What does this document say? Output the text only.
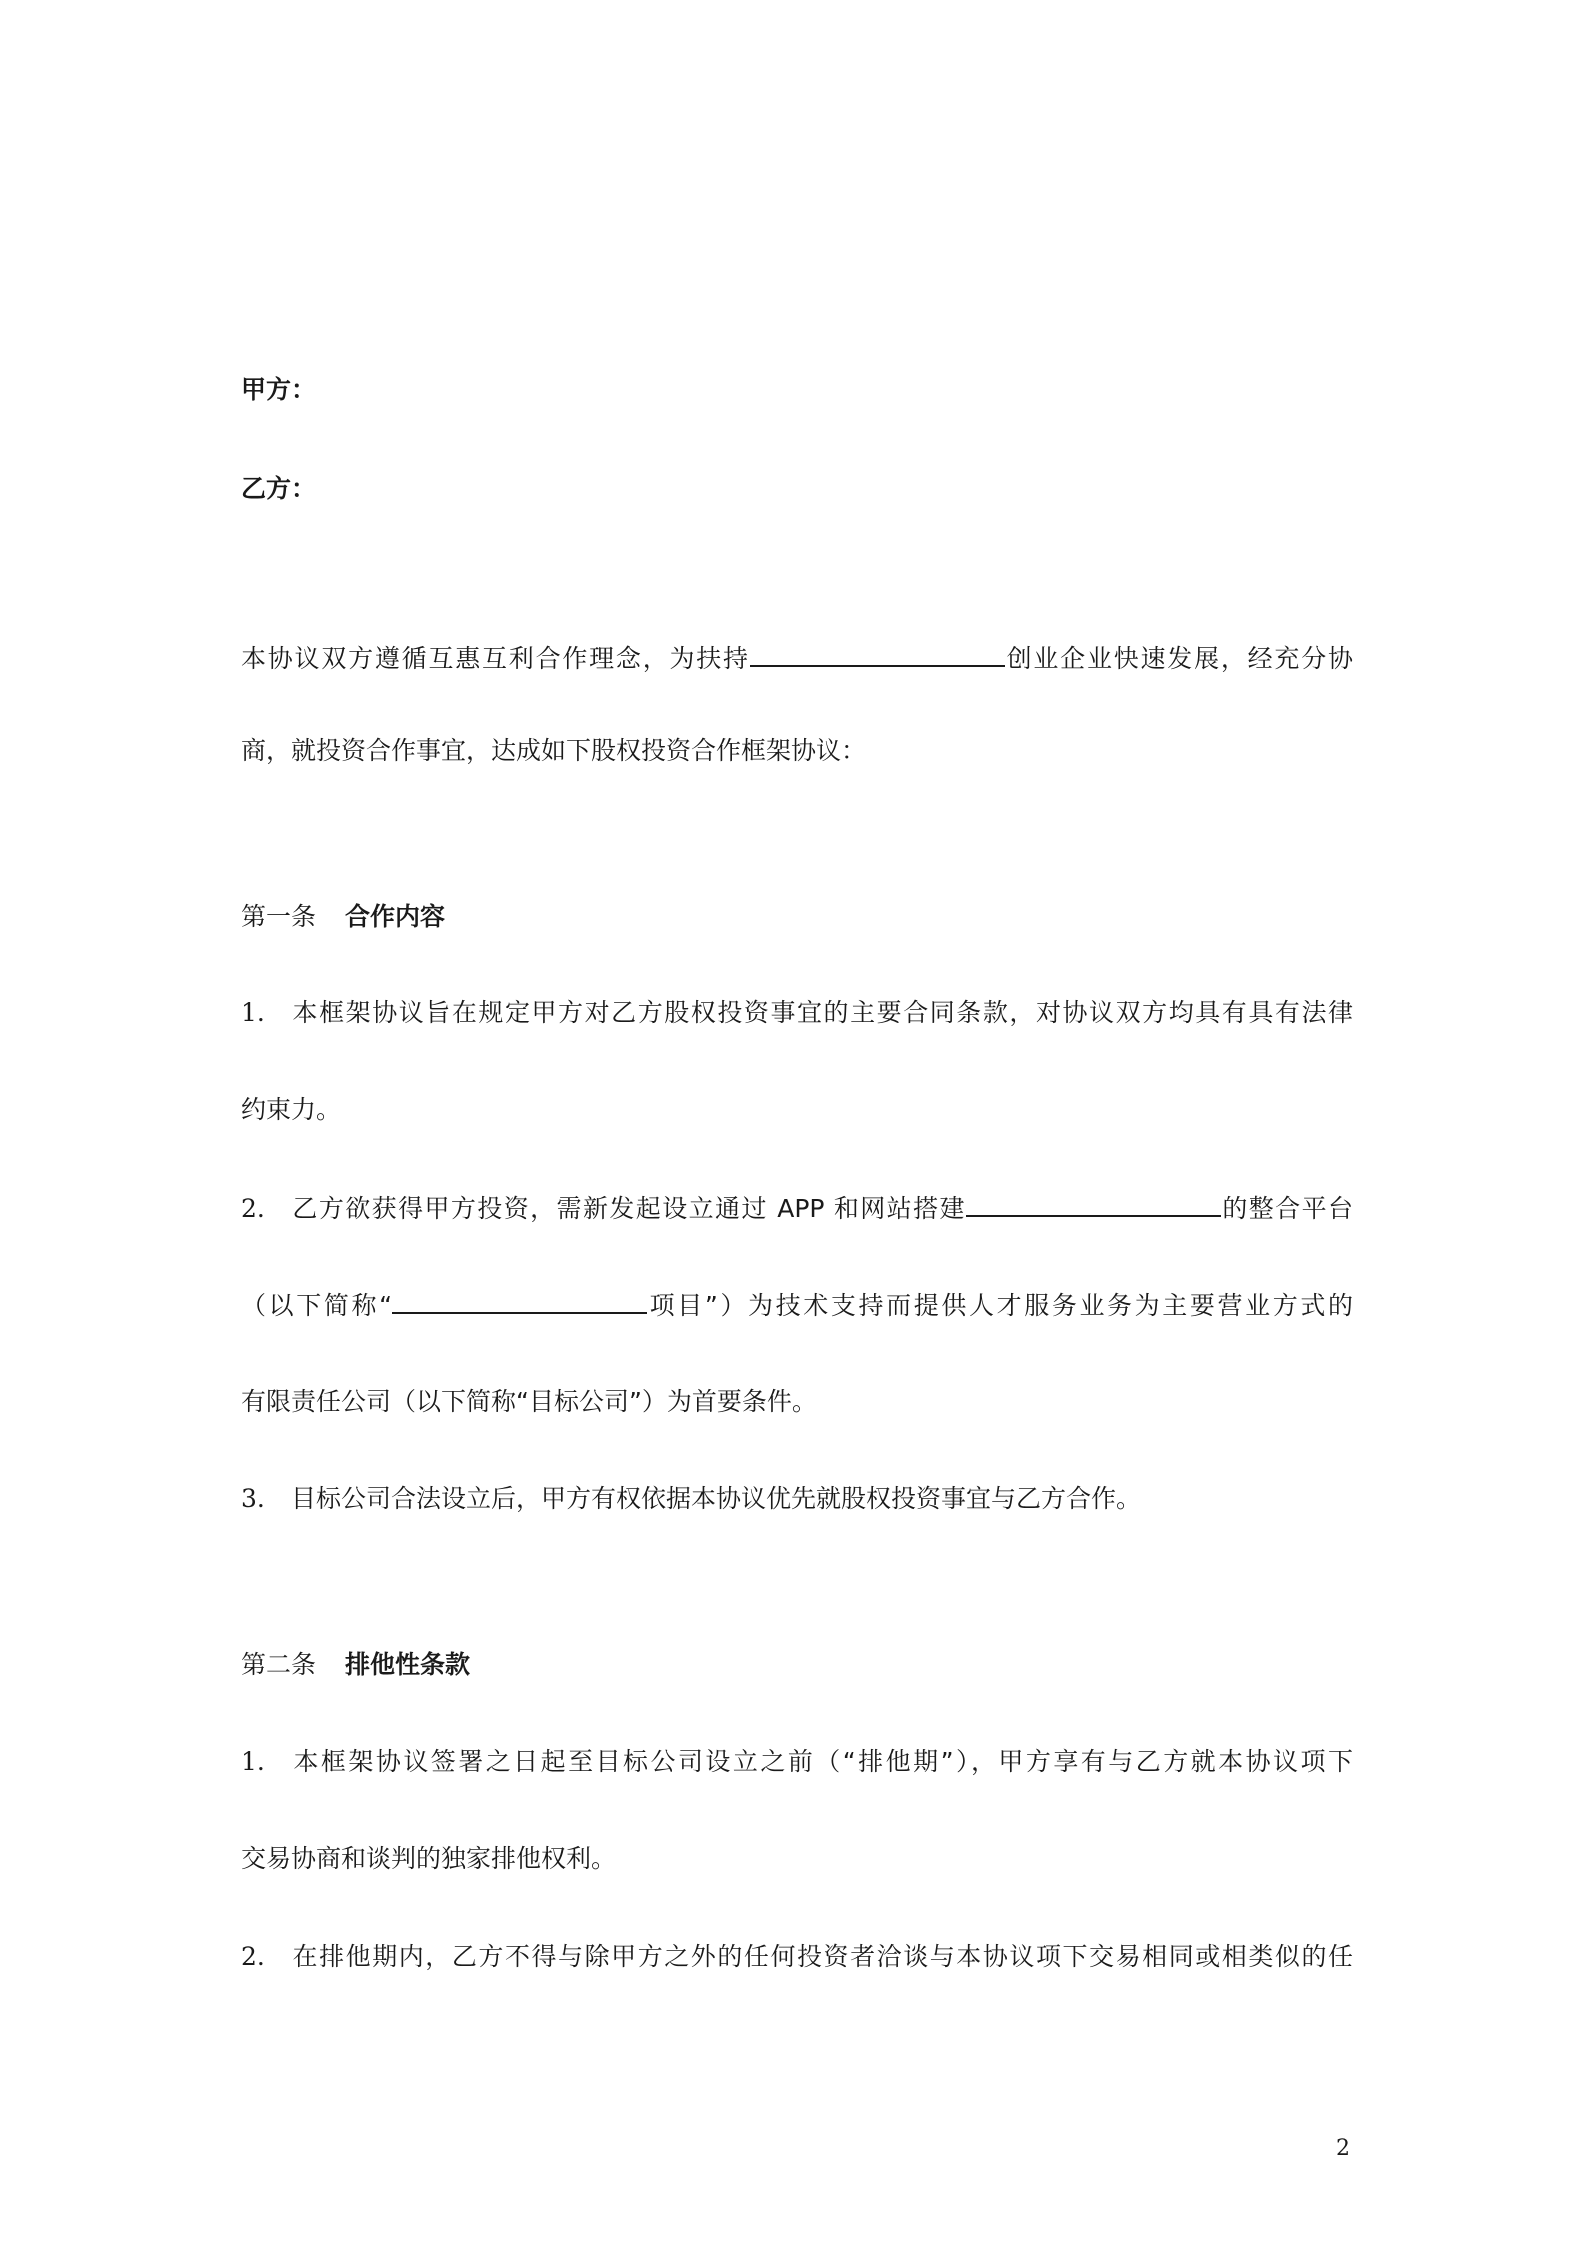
甲方：
乙方：
本协议双方遵循互惠互利合作理念，为扶持	创业企业快速发展，经充分协
商，就投资合作事宜，达成如下股权投资合作框架协议：
第一条 合作内容
1. 本框架协议旨在规定甲方对乙方股权投资事宜的主要合同条款，对协议双方均具有具有法律
约束力。
2. 乙方欲获得甲方投资，需新发起设立通过 APP 和网站搭建	的整合平台
（以下简称“	项目”）为技术支持而提供人才服务业务为主要营业方式的
有限责任公司（以下简称“目标公司”）为首要条件。
3. 目标公司合法设立后，甲方有权依据本协议优先就股权投资事宜与乙方合作。
第二条 排他性条款
1. 本框架协议签署之日起至目标公司设立之前（“排他期”），甲方享有与乙方就本协议项下
交易协商和谈判的独家排他权利。
2. 在排他期内，乙方不得与除甲方之外的任何投资者洽谈与本协议项下交易相同或相类似的任
2
